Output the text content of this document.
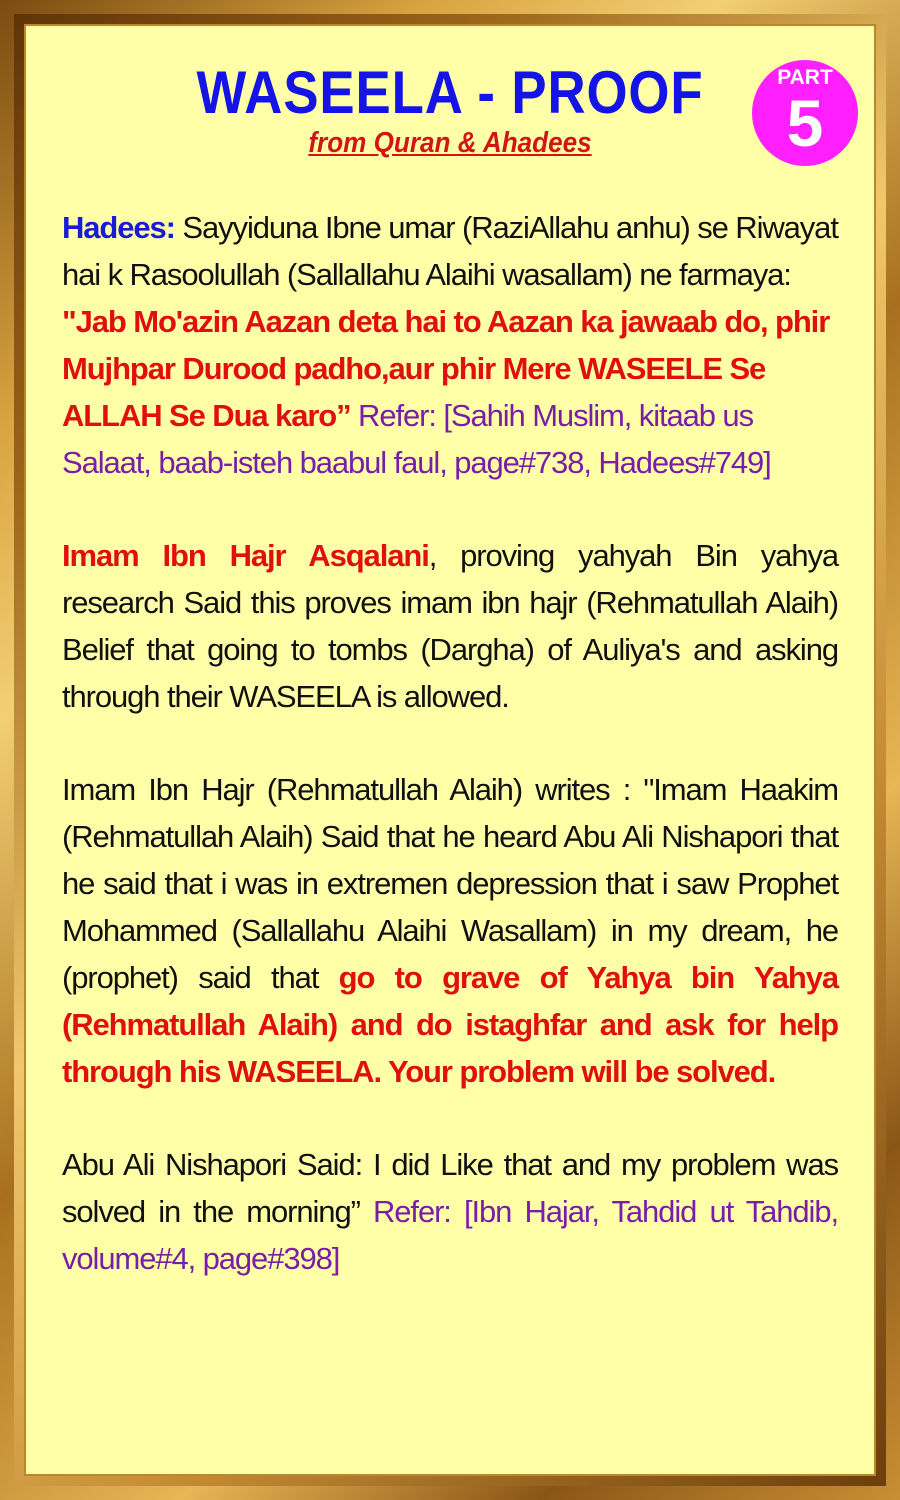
WASEELA - PROOF
from Quran & Ahadees
PART
5

Hadees: Sayyiduna Ibne umar (RaziAllahu anhu) se Riwayat hai k Rasoolullah (Sallallahu Alaihi wasallam) ne farmaya: "Jab Mo'azin Aazan deta hai to Aazan ka jawaab do, phir Mujhpar Durood padho,aur phir Mere WASEELE Se ALLAH Se Dua karo” Refer: [Sahih Muslim, kitaab us Salaat, baab-isteh baabul faul, page#738, Hadees#749]

Imam Ibn Hajr Asqalani, proving yahyah Bin yahya research Said this proves imam ibn hajr (Rehmatullah Alaih) Belief that going to tombs (Dargha) of Auliya's and asking through their WASEELA is allowed.

Imam Ibn Hajr (Rehmatullah Alaih) writes : "Imam Haakim (Rehmatullah Alaih) Said that he heard Abu Ali Nishapori that he said that i was in extremen depression that i saw Prophet Mohammed (Sallallahu Alaihi Wasallam) in my dream, he (prophet) said that go to grave of Yahya bin Yahya (Rehmatullah Alaih) and do istaghfar and ask for help through his WASEELA. Your problem will be solved.

Abu Ali Nishapori Said: I did Like that and my problem was solved in the morning” Refer: [Ibn Hajar, Tahdid ut Tahdib, volume#4, page#398]
